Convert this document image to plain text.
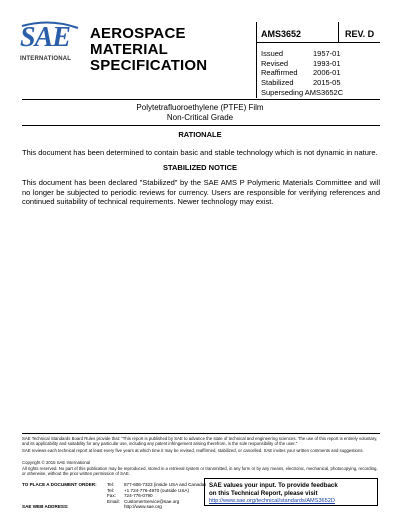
SAE
INTERNATIONAL
AEROSPACE
MATERIAL SPECIFICATION
AMS3652	REV. D
Issued	1957-01
Revised	1993-01
Reaffirmed	2006-01
Stabilized	2015-05
Superseding AMS3652C
Polytetrafluoroethylene (PTFE) Film
Non-Critical Grade
RATIONALE
This document has been determined to contain basic and stable technology which is not dynamic in nature.
STABILIZED NOTICE
This document has been declared "Stabilized" by the SAE AMS P Polymeric Materials Committee and will no longer be subjected to periodic reviews for currency. Users are responsible for verifying references and continued suitability of technical requirements. Newer technology may exist.
SAE Technical Standards Board Rules provide that: "This report is published by SAE to advance the state of technical and engineering sciences. The use of this report is entirely voluntary, and its applicability and suitability for any particular use, including any patent infringement arising therefrom, is the sole responsibility of the user."
SAE reviews each technical report at least every five years at which time it may be revised, reaffirmed, stabilized, or cancelled. SAE invites your written comments and suggestions.
Copyright © 2015 SAE International
All rights reserved. No part of this publication may be reproduced, stored in a retrieval system or transmitted, in any form or by any means, electronic, mechanical, photocopying, recording, or otherwise, without the prior written permission of SAE.
TO PLACE A DOCUMENT ORDER:
SAE WEB ADDRESS:
Tel:	877-606-7323 (inside USA and Canada)
Tel:	+1 724-776-4970 (outside USA)
Fax:	724-776-0790
Email: CustomerService@sae.org
http://www.sae.org
SAE values your input. To provide feedback
on this Technical Report, please visit
http://www.sae.org/technical/standards/AMS3652D
